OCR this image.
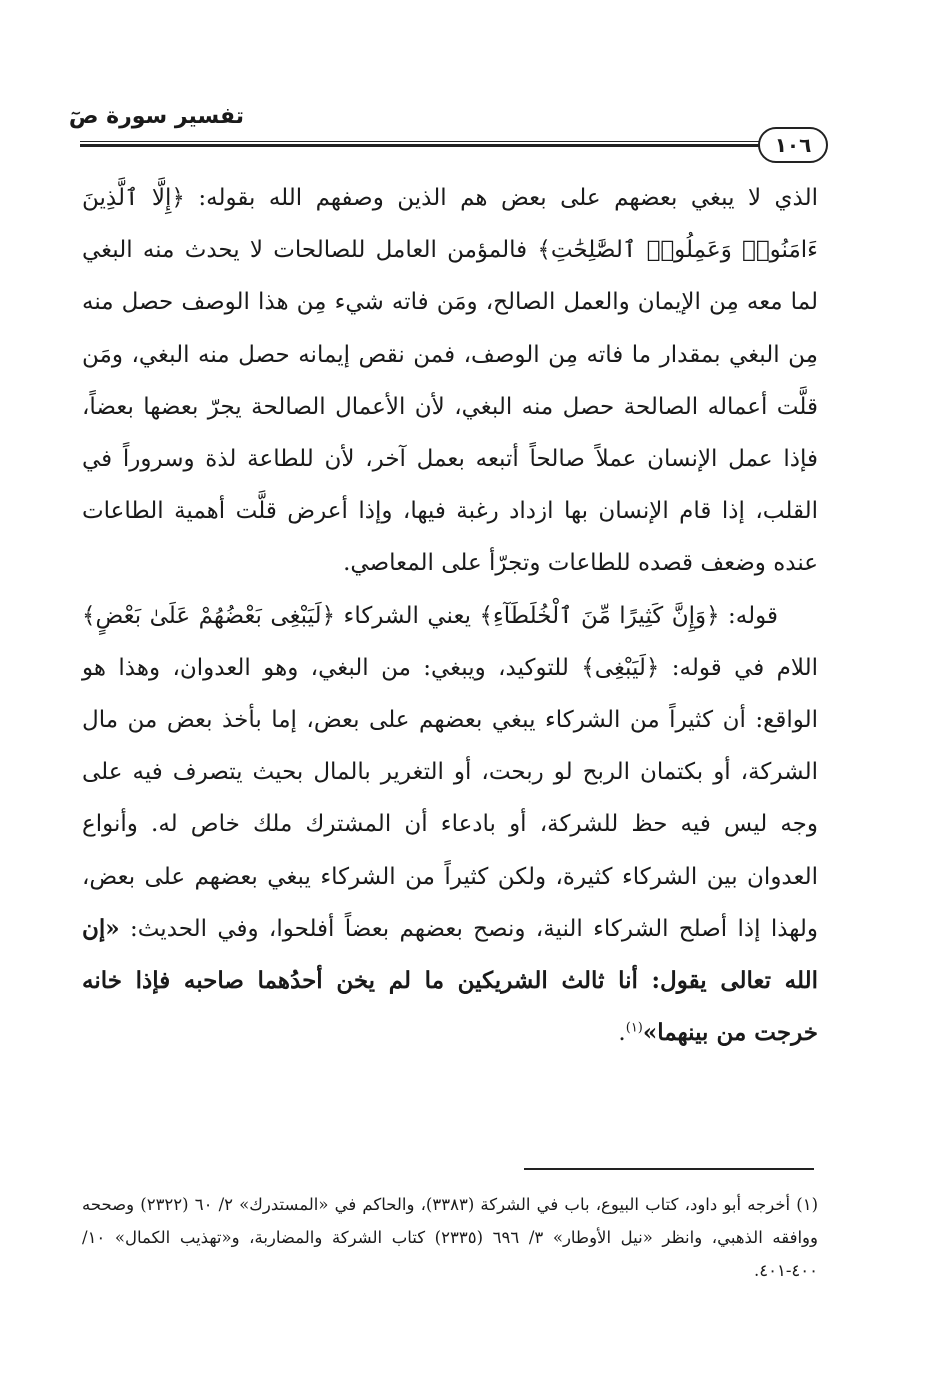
تفسير سورة صٓ
١٠٦

الذي لا يبغي بعضهم على بعض هم الذين وصفهم الله بقوله: ﴿إِلَّا ٱلَّذِينَ ءَامَنُوا۟ وَعَمِلُوا۟ ٱلصَّٰلِحَٰتِ﴾ فالمؤمن العامل للصالحات لا يحدث منه البغي لما معه مِن الإيمان والعمل الصالح، ومَن فاته شيء مِن هذا الوصف حصل منه مِن البغي بمقدار ما فاته مِن الوصف، فمن نقص إيمانه حصل منه البغي، ومَن قلَّت أعماله الصالحة حصل منه البغي، لأن الأعمال الصالحة يجرّ بعضها بعضاً، فإذا عمل الإنسان عملاً صالحاً أتبعه بعمل آخر، لأن للطاعة لذة وسروراً في القلب، إذا قام الإنسان بها ازداد رغبة فيها، وإذا أعرض قلَّت أهمية الطاعات عنده وضعف قصده للطاعات وتجرّأ على المعاصي.

قوله: ﴿وَإِنَّ كَثِيرًا مِّنَ ٱلْخُلَطَآءِ﴾ يعني الشركاء ﴿لَيَبْغِى بَعْضُهُمْ عَلَىٰ بَعْضٍ﴾ اللام في قوله: ﴿لَيَبْغِى﴾ للتوكيد، ويبغي: من البغي، وهو العدوان، وهذا هو الواقع: أن كثيراً من الشركاء يبغي بعضهم على بعض، إما بأخذ بعض من مال الشركة، أو بكتمان الربح لو ربحت، أو التغرير بالمال بحيث يتصرف فيه على وجه ليس فيه حظ للشركة، أو بادعاء أن المشترك ملك خاص له. وأنواع العدوان بين الشركاء كثيرة، ولكن كثيراً من الشركاء يبغي بعضهم على بعض، ولهذا إذا أصلح الشركاء النية، ونصح بعضهم بعضاً أفلحوا، وفي الحديث: «إن الله تعالى يقول: أنا ثالث الشريكين ما لم يخن أحدُهما صاحبه فإذا خانه خرجت من بينهما»$^{(١)}$.

(١) أخرجه أبو داود، كتاب البيوع، باب في الشركة (٣٣٨٣)، والحاكم في «المستدرك» ٢/ ٦٠ (٢٣٢٢) وصححه ووافقه الذهبي، وانظر «نيل الأوطار» ٣/ ٦٩٦ (٢٣٣٥) كتاب الشركة والمضاربة، و«تهذيب الكمال» ١٠/ ٤٠٠-٤٠١.
